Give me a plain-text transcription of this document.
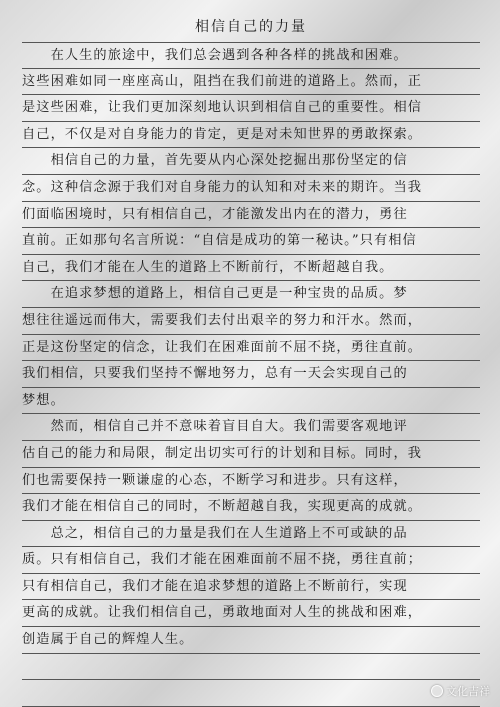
相信自己的力量
　　在人生的旅途中，我们总会遇到各种各样的挑战和困难。
这些困难如同一座座高山，阻挡在我们前进的道路上。然而，正
是这些困难，让我们更加深刻地认识到相信自己的重要性。相信
自己，不仅是对自身能力的肯定，更是对未知世界的勇敢探索。
　　相信自己的力量，首先要从内心深处挖掘出那份坚定的信
念。这种信念源于我们对自身能力的认知和对未来的期许。当我
们面临困境时，只有相信自己，才能激发出内在的潜力，勇往
直前。正如那句名言所说：“自信是成功的第一秘诀。”只有相信
自己，我们才能在人生的道路上不断前行，不断超越自我。
　　在追求梦想的道路上，相信自己更是一种宝贵的品质。梦
想往往遥远而伟大，需要我们去付出艰辛的努力和汗水。然而，
正是这份坚定的信念，让我们在困难面前不屈不挠，勇往直前。
我们相信，只要我们坚持不懈地努力，总有一天会实现自己的
梦想。
　　然而，相信自己并不意味着盲目自大。我们需要客观地评
估自己的能力和局限，制定出切实可行的计划和目标。同时，我
们也需要保持一颗谦虚的心态，不断学习和进步。只有这样，
我们才能在相信自己的同时，不断超越自我，实现更高的成就。
　　总之，相信自己的力量是我们在人生道路上不可或缺的品
质。只有相信自己，我们才能在困难面前不屈不挠，勇往直前；
只有相信自己，我们才能在追求梦想的道路上不断前行，实现
更高的成就。让我们相信自己，勇敢地面对人生的挑战和困难，
创造属于自己的辉煌人生。
文化吉祥
